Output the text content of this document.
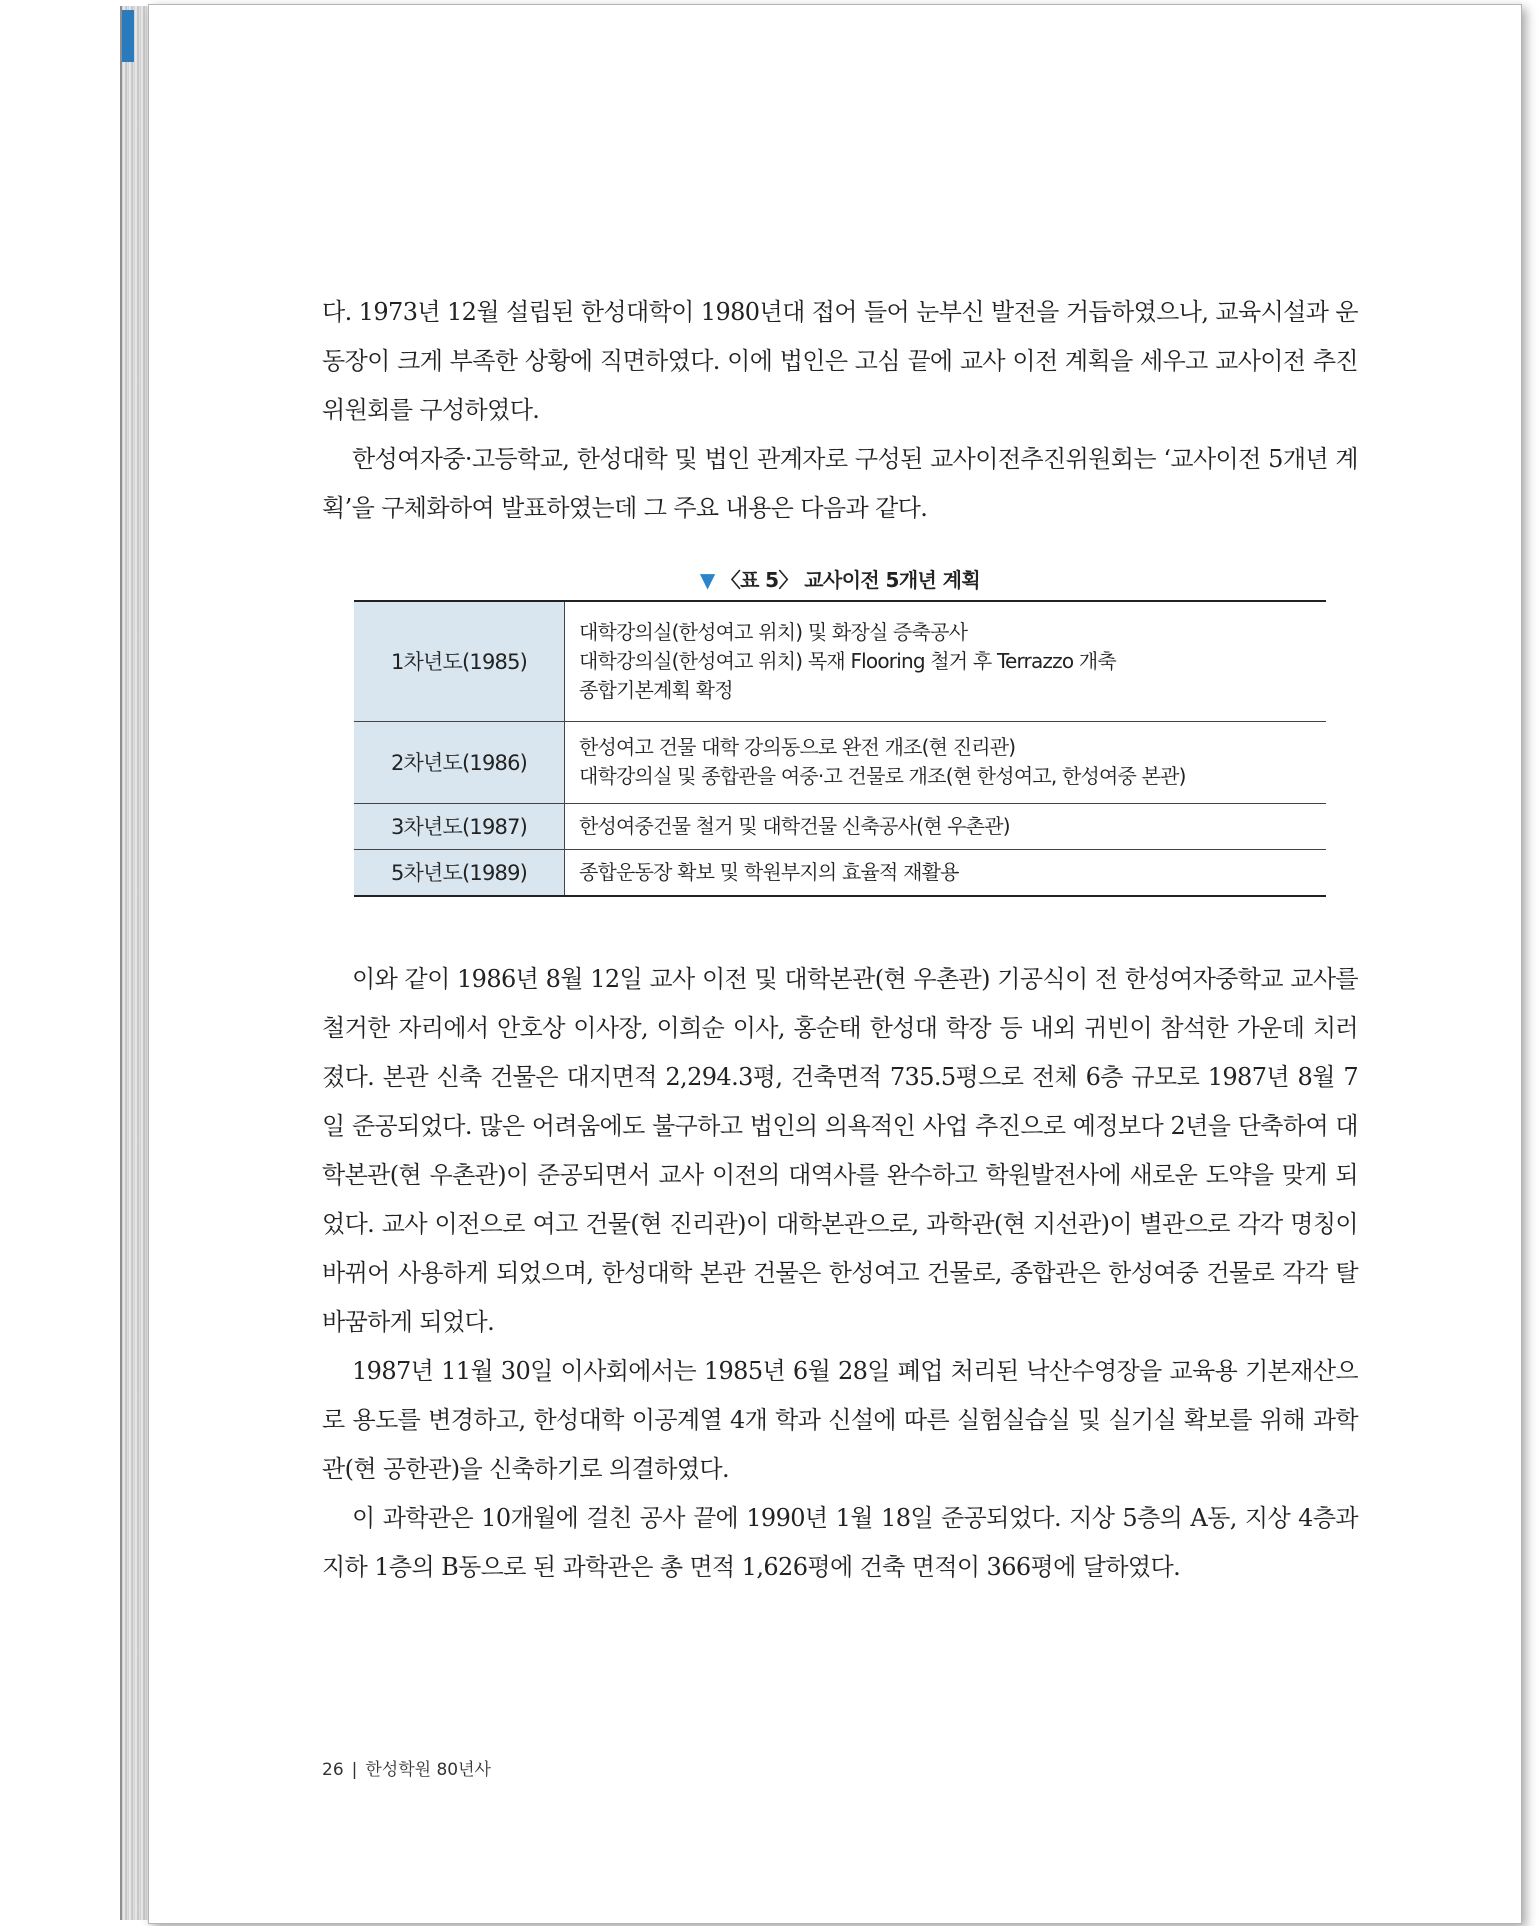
다. 1973년 12월 설립된 한성대학이 1980년대 접어 들어 눈부신 발전을 거듭하였으나, 교육시설과 운동장이 크게 부족한 상황에 직면하였다. 이에 법인은 고심 끝에 교사 이전 계획을 세우고 교사이전 추진위원회를 구성하였다.

한성여자중·고등학교, 한성대학 및 법인 관계자로 구성된 교사이전추진위원회는 ‘교사이전 5개년 계획’을 구체화하여 발표하였는데 그 주요 내용은 다음과 같다.

▼ 〈표 5〉 교사이전 5개년 계획
1차년도(1985)	대학강의실(한성여고 위치) 및 화장실 증축공사
대학강의실(한성여고 위치) 목재 Flooring 철거 후 Terrazzo 개축
종합기본계획 확정

2차년도(1986)	한성여고 건물 대학 강의동으로 완전 개조(현 진리관)
대학강의실 및 종합관을 여중·고 건물로 개조(현 한성여고, 한성여중 본관)

3차년도(1987)	한성여중건물 철거 및 대학건물 신축공사(현 우촌관)

5차년도(1989)	종합운동장 확보 및 학원부지의 효율적 재활용

이와 같이 1986년 8월 12일 교사 이전 및 대학본관(현 우촌관) 기공식이 전 한성여자중학교 교사를 철거한 자리에서 안호상 이사장, 이희순 이사, 홍순태 한성대 학장 등 내외 귀빈이 참석한 가운데 치러졌다. 본관 신축 건물은 대지면적 2,294.3평, 건축면적 735.5평으로 전체 6층 규모로 1987년 8월 7일 준공되었다. 많은 어려움에도 불구하고 법인의 의욕적인 사업 추진으로 예정보다 2년을 단축하여 대학본관(현 우촌관)이 준공되면서 교사 이전의 대역사를 완수하고 학원발전사에 새로운 도약을 맞게 되었다. 교사 이전으로 여고 건물(현 진리관)이 대학본관으로, 과학관(현 지선관)이 별관으로 각각 명칭이 바뀌어 사용하게 되었으며, 한성대학 본관 건물은 한성여고 건물로, 종합관은 한성여중 건물로 각각 탈바꿈하게 되었다.

1987년 11월 30일 이사회에서는 1985년 6월 28일 폐업 처리된 낙산수영장을 교육용 기본재산으로 용도를 변경하고, 한성대학 이공계열 4개 학과 신설에 따른 실험실습실 및 실기실 확보를 위해 과학관(현 공한관)을 신축하기로 의결하였다.

이 과학관은 10개월에 걸친 공사 끝에 1990년 1월 18일 준공되었다. 지상 5층의 A동, 지상 4층과 지하 1층의 B동으로 된 과학관은 총 면적 1,626평에 건축 면적이 366평에 달하였다.

26 | 한성학원 80년사
